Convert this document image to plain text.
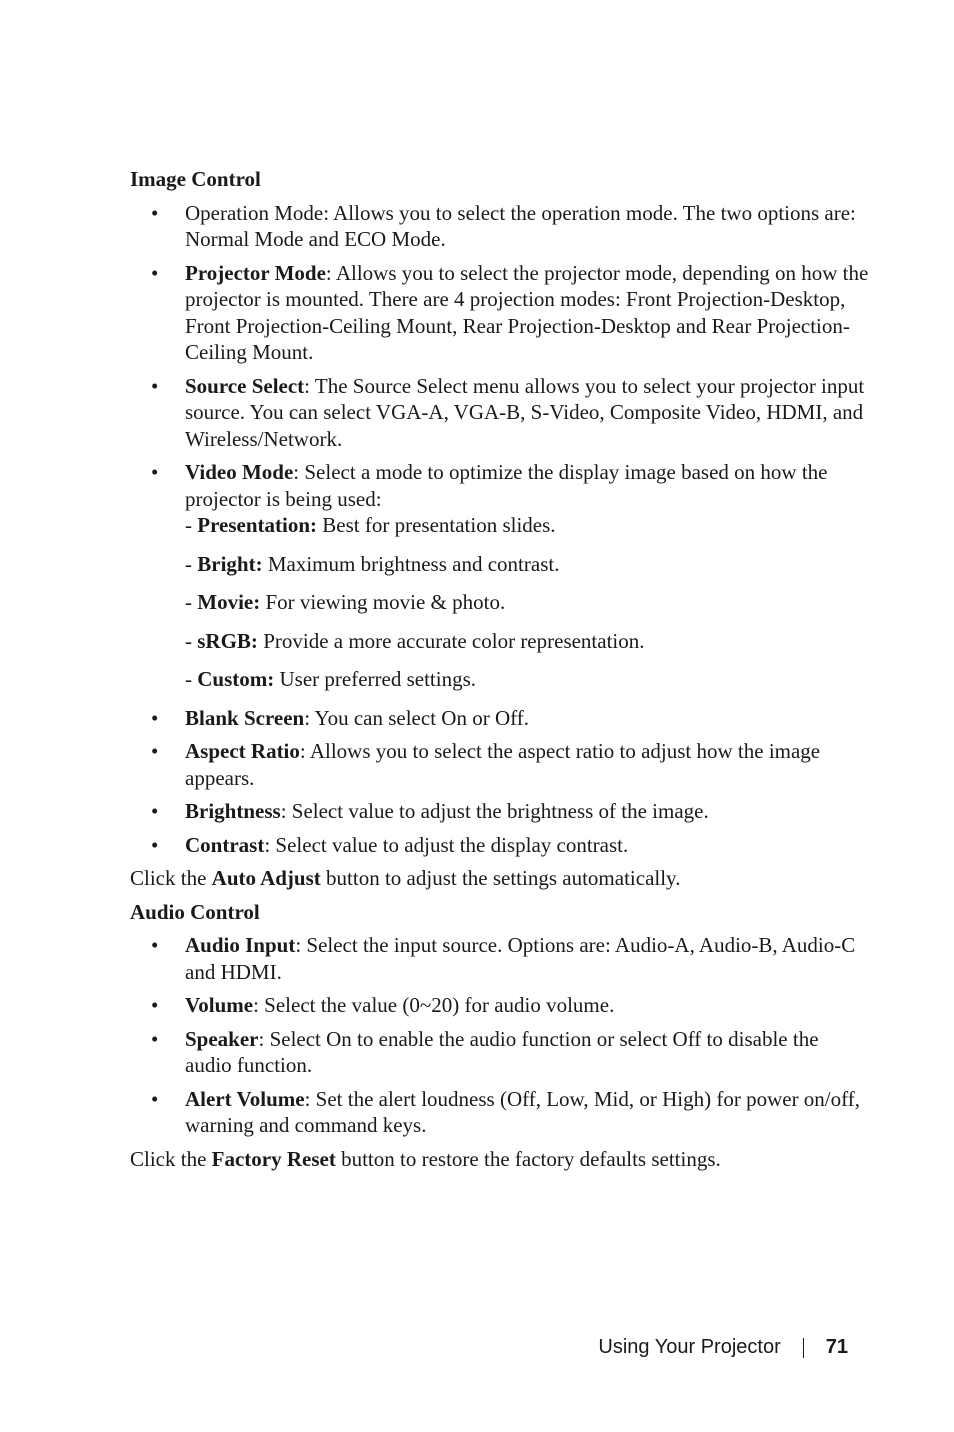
Image Control
• Operation Mode: Allows you to select the operation mode. The two options are: Normal Mode and ECO Mode.
• Projector Mode: Allows you to select the projector mode, depending on how the projector is mounted. There are 4 projection modes: Front Projection-Desktop, Front Projection-Ceiling Mount, Rear Projection-Desktop and Rear Projection-Ceiling Mount.
• Source Select: The Source Select menu allows you to select your projector input source. You can select VGA-A, VGA-B, S-Video, Composite Video, HDMI, and Wireless/Network.
• Video Mode: Select a mode to optimize the display image based on how the projector is being used:
- Presentation: Best for presentation slides.
- Bright: Maximum brightness and contrast.
- Movie: For viewing movie & photo.
- sRGB: Provide a more accurate color representation.
- Custom: User preferred settings.
• Blank Screen: You can select On or Off.
• Aspect Ratio: Allows you to select the aspect ratio to adjust how the image appears.
• Brightness: Select value to adjust the brightness of the image.
• Contrast: Select value to adjust the display contrast.
Click the Auto Adjust button to adjust the settings automatically.
Audio Control
• Audio Input: Select the input source. Options are: Audio-A, Audio-B, Audio-C and HDMI.
• Volume: Select the value (0~20) for audio volume.
• Speaker: Select On to enable the audio function or select Off to disable the audio function.
• Alert Volume: Set the alert loudness (Off, Low, Mid, or High) for power on/off, warning and command keys.
Click the Factory Reset button to restore the factory defaults settings.
Using Your Projector 71
